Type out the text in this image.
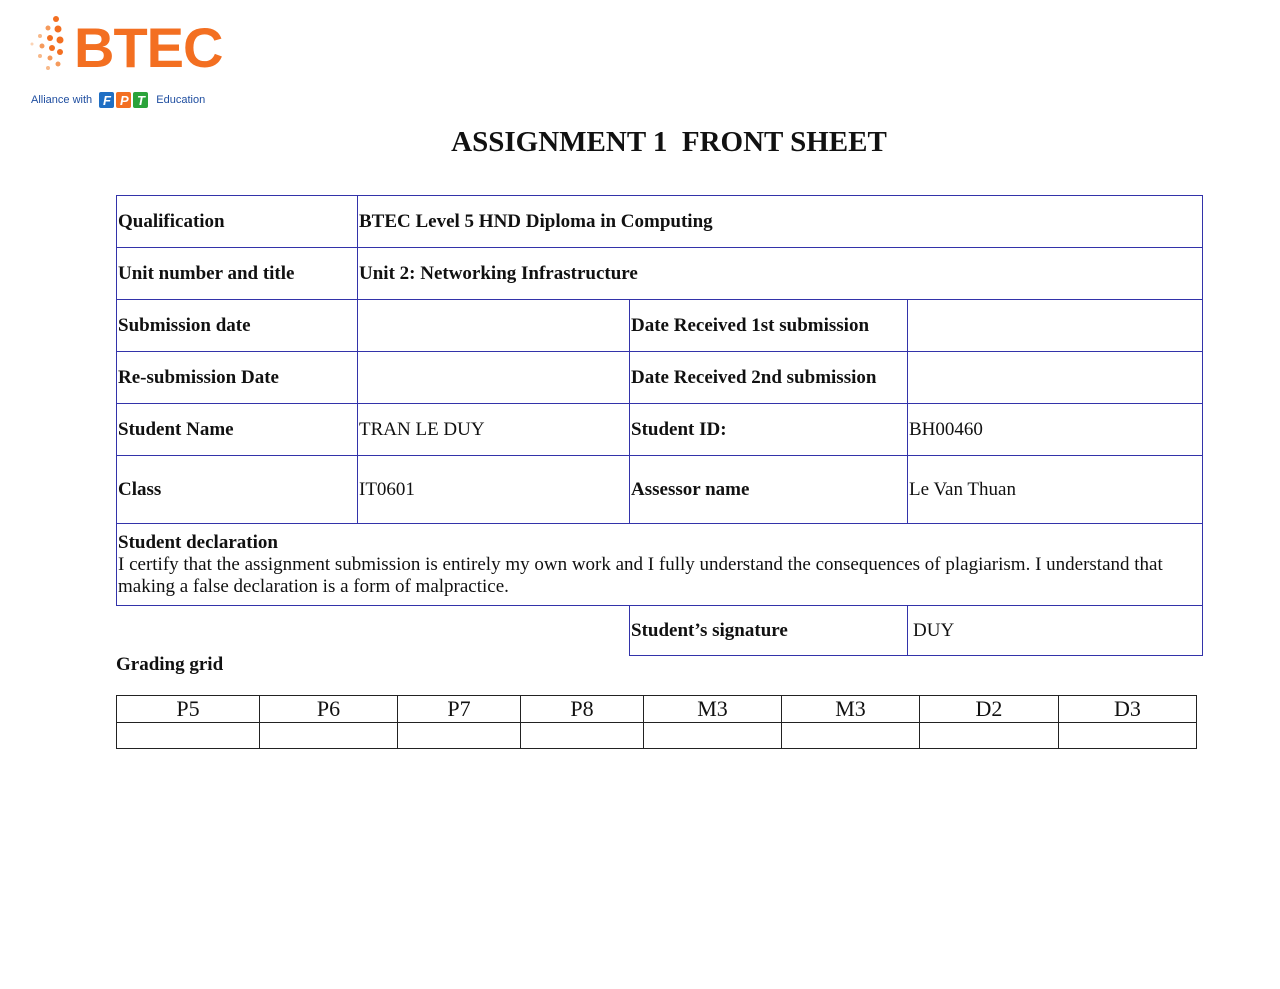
BTEC
Alliance with F P T Education
ASSIGNMENT 1  FRONT SHEET
Qualification	BTEC Level 5 HND Diploma in Computing		
Unit number and title	Unit 2: Networking Infrastructure		
Submission date		Date Received 1st submission	
Re-submission Date		Date Received 2nd submission	
Student Name	TRAN LE DUY	Student ID:	BH00460
Class	IT0601	Assessor name	Le Van Thuan

Student declaration
I certify that the assignment submission is entirely my own work and I fully understand the consequences of plagiarism. I understand that making a false declaration is a form of malpractice.			

		Student’s signature	DUY
Grading grid
P5	P6	P7	P8	M3	M3	D2	D3
